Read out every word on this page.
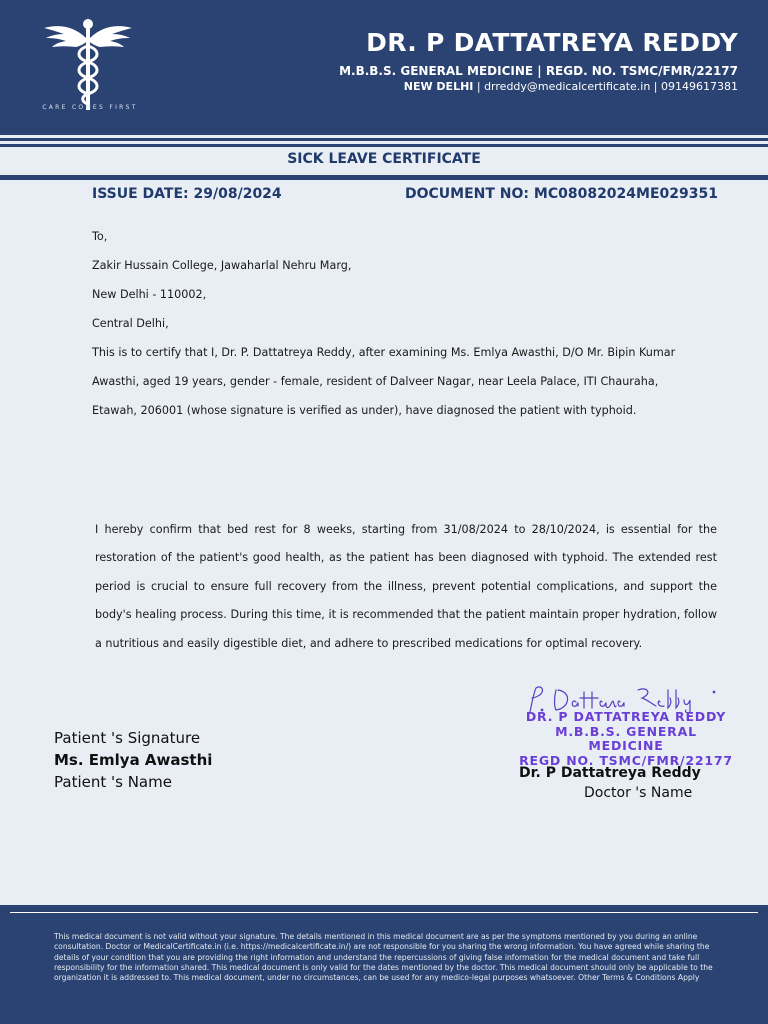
CARE COMES FIRST
DR. P DATTATREYA REDDY
M.B.B.S. GENERAL MEDICINE | REGD. NO. TSMC/FMR/22177
NEW DELHI | drreddy@medicalcertificate.in | 09149617381
SICK LEAVE CERTIFICATE
ISSUE DATE: 29/08/2024	DOCUMENT NO: MC08082024ME029351
To,
Zakir Hussain College, Jawaharlal Nehru Marg,
New Delhi - 110002,
Central Delhi,
This is to certify that I, Dr. P. Dattatreya Reddy, after examining Ms. Emlya Awasthi, D/O Mr. Bipin Kumar
Awasthi, aged 19 years, gender - female, resident of Dalveer Nagar, near Leela Palace, ITI Chauraha,
Etawah, 206001 (whose signature is verified as under), have diagnosed the patient with typhoid.
I hereby confirm that bed rest for 8 weeks, starting from 31/08/2024 to 28/10/2024, is essential for the restoration of the patient's good health, as the patient has been diagnosed with typhoid. The extended rest period is crucial to ensure full recovery from the illness, prevent potential complications, and support the body's healing process. During this time, it is recommended that the patient maintain proper hydration, follow a nutritious and easily digestible diet, and adhere to prescribed medications for optimal recovery.
DR. P DATTATREYA REDDY
M.B.B.S. GENERAL MEDICINE
REGD NO. TSMC/FMR/22177
Patient 's Signature
Ms. Emlya Awasthi
Patient 's Name	Dr. P Dattatreya Reddy
Doctor 's Name
This medical document is not valid without your signature. The details mentioned in this medical document are as per the symptoms mentioned by you during an online consultation. Doctor or MedicalCertificate.in (i.e. https://medicalcertificate.in/) are not responsible for you sharing the wrong information. You have agreed while sharing the details of your condition that you are providing the right information and understand the repercussions of giving false information for the medical document and take full responsibility for the information shared. This medical document is only valid for the dates mentioned by the doctor. This medical document should only be applicable to the organization it is addressed to. This medical document, under no circumstances, can be used for any medico-legal purposes whatsoever. Other Terms & Conditions Apply
